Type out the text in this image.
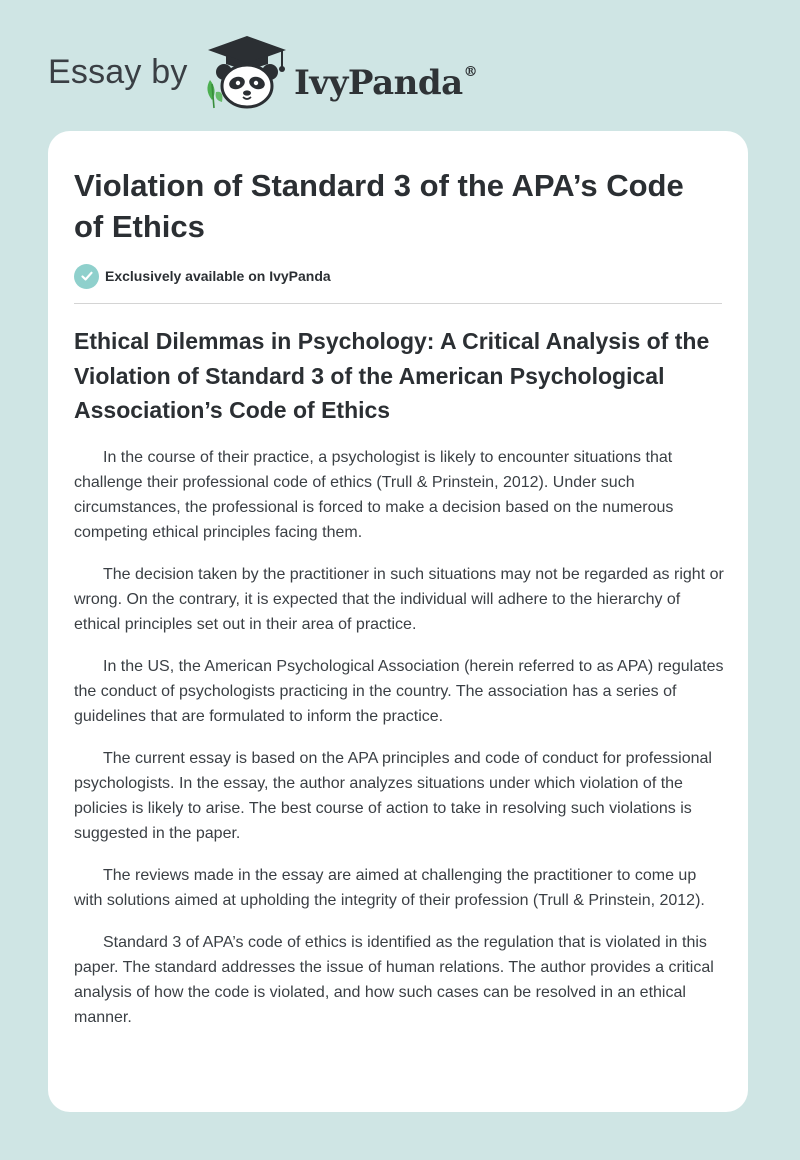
Essay by	IvyPanda®
Violation of Standard 3 of the APA’s Code of Ethics
Exclusively available on IvyPanda
Ethical Dilemmas in Psychology: A Critical Analysis of the Violation of Standard 3 of the American Psychological Association’s Code of Ethics

In the course of their practice, a psychologist is likely to encounter situations that challenge their professional code of ethics (Trull & Prinstein, 2012). Under such circumstances, the professional is forced to make a decision based on the numerous competing ethical principles facing them.

The decision taken by the practitioner in such situations may not be regarded as right or wrong. On the contrary, it is expected that the individual will adhere to the hierarchy of ethical principles set out in their area of practice.

In the US, the American Psychological Association (herein referred to as APA) regulates the conduct of psychologists practicing in the country. The association has a series of guidelines that are formulated to inform the practice.

The current essay is based on the APA principles and code of conduct for professional psychologists. In the essay, the author analyzes situations under which violation of the policies is likely to arise. The best course of action to take in resolving such violations is suggested in the paper.

The reviews made in the essay are aimed at challenging the practitioner to come up with solutions aimed at upholding the integrity of their profession (Trull & Prinstein, 2012).

Standard 3 of APA’s code of ethics is identified as the regulation that is violated in this paper. The standard addresses the issue of human relations. The author provides a critical analysis of how the code is violated, and how such cases can be resolved in an ethical manner.
